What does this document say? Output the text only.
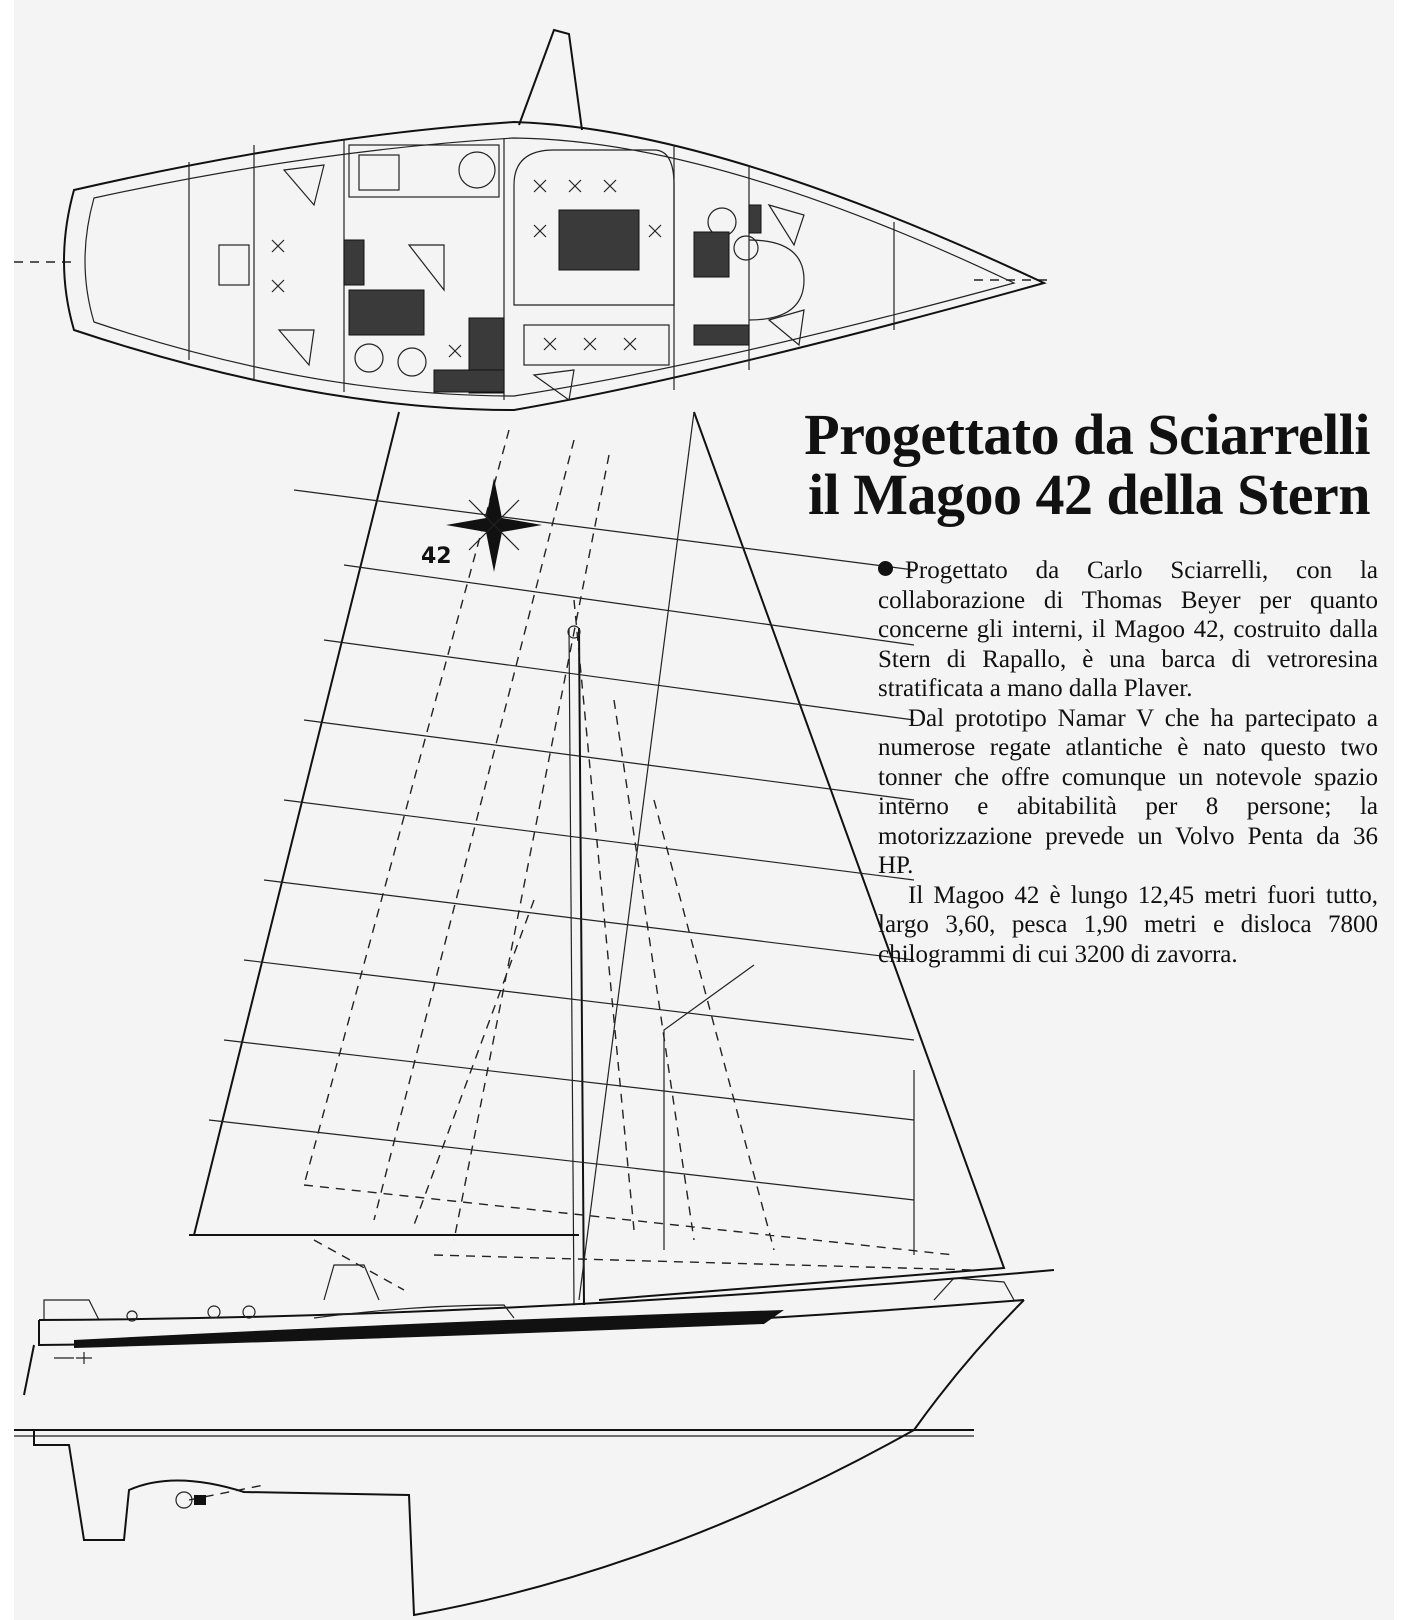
42
Progettato da Sciarrelli
il Magoo 42 della Stern

Progettato da Carlo Sciarrelli, con la collaborazione di Thomas Beyer per quanto concerne gli interni, il Magoo 42, costruito dalla Stern di Rapallo, è una barca di vetroresina stratificata a mano dalla Plaver.

Dal prototipo Namar V che ha partecipato a numerose regate atlantiche è nato questo two tonner che offre comunque un notevole spazio interno e abitabilità per 8 persone; la motorizzazione prevede un Volvo Penta da 36 HP.

Il Magoo 42 è lungo 12,45 metri fuori tutto, largo 3,60, pesca 1,90 metri e disloca 7800 chilogrammi di cui 3200 di zavorra.
